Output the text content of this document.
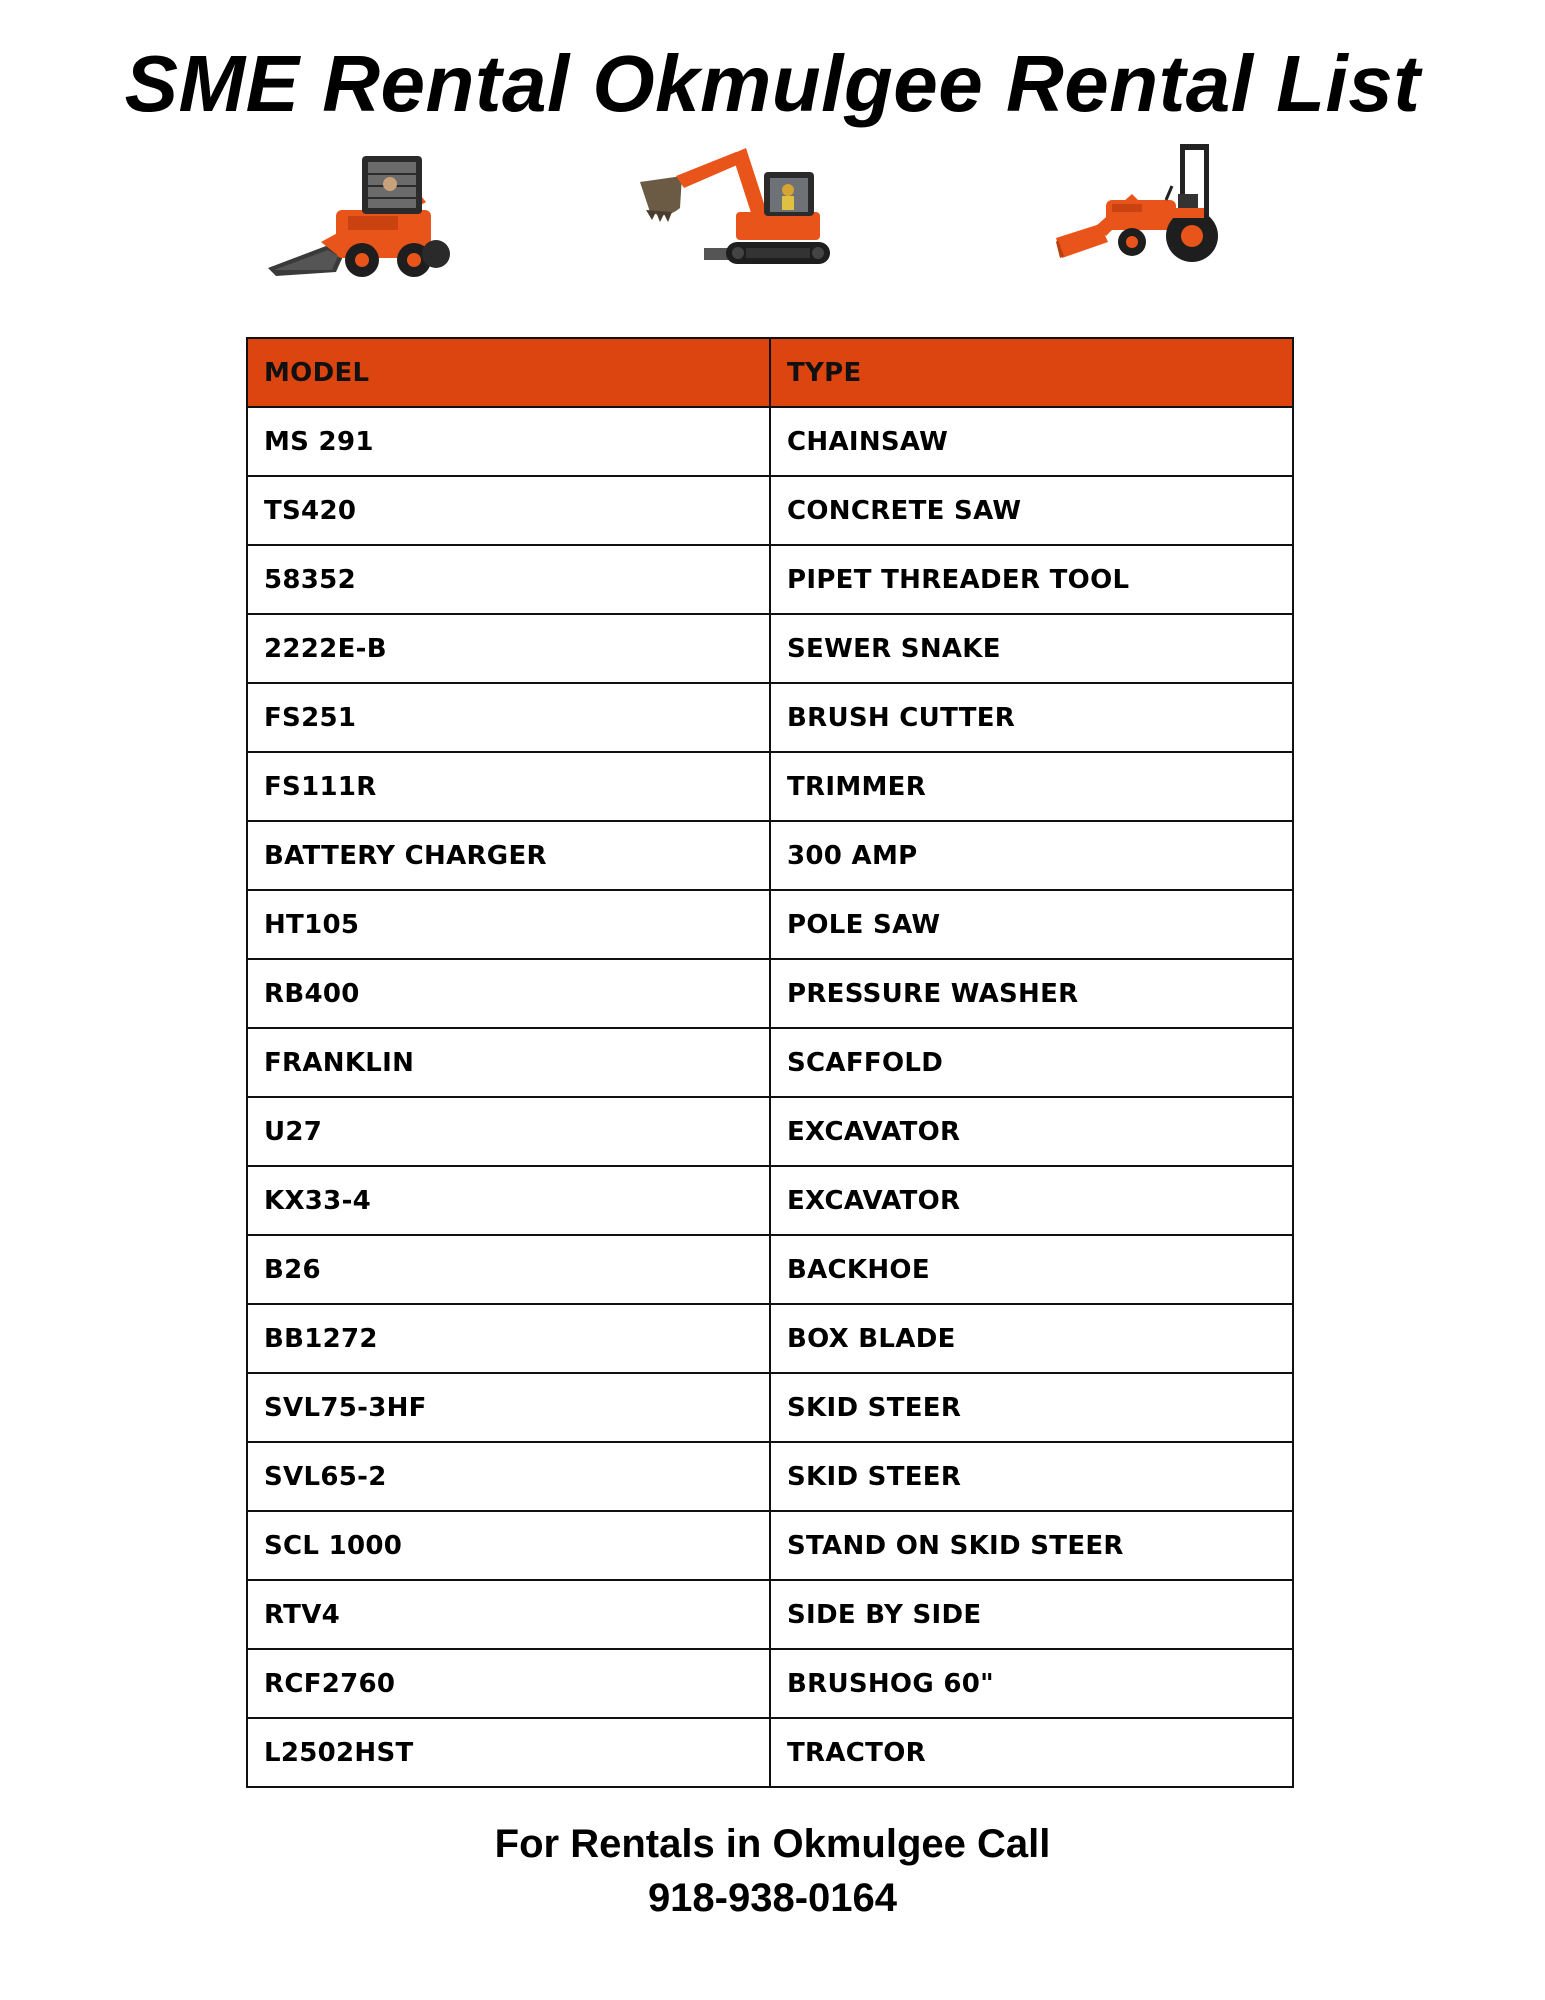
SME Rental Okmulgee Rental List
MODEL	TYPE
MS 291	CHAINSAW
TS420	CONCRETE SAW
58352	PIPET THREADER TOOL
2222E-B	SEWER SNAKE
FS251	BRUSH CUTTER
FS111R	TRIMMER
BATTERY CHARGER	300 AMP
HT105	POLE SAW
RB400	PRESSURE WASHER
FRANKLIN	SCAFFOLD
U27	EXCAVATOR
KX33-4	EXCAVATOR
B26	BACKHOE
BB1272	BOX BLADE
SVL75-3HF	SKID STEER
SVL65-2	SKID STEER
SCL 1000	STAND ON SKID STEER
RTV4	SIDE BY SIDE
RCF2760	BRUSHOG 60"
L2502HST	TRACTOR
For Rentals in Okmulgee Call
918-938-0164
